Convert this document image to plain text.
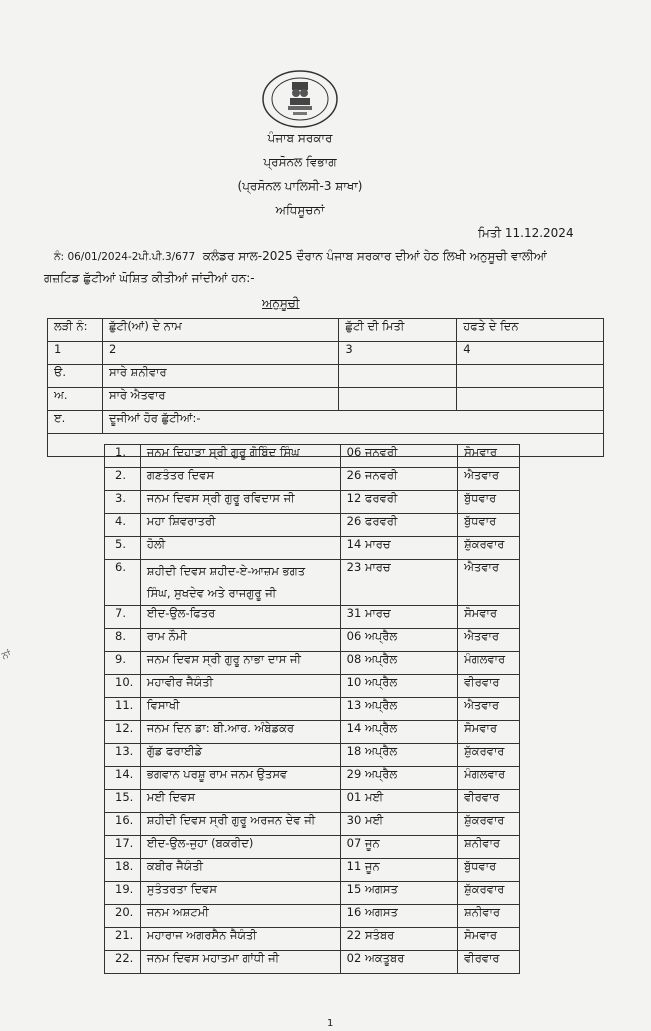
ਪੰਜਾਬ ਸਰਕਾਰ
ਪ੍ਰਸੋਨਲ ਵਿਭਾਗ
(ਪ੍ਰਸੋਨਲ ਪਾਲਿਸੀ-3 ਸ਼ਾਖਾ)
ਅਧਿਸੂਚਨਾਂ
ਮਿਤੀ 11.12.2024
ਨੰ: 06/01/2024-2ਪੀ.ਪੀ.3/677 ਕਲੰਡਰ ਸਾਲ-2025 ਦੌਰਾਨ ਪੰਜਾਬ ਸਰਕਾਰ ਦੀਆਂ ਹੇਠ ਲਿਖੀ ਅਨੁਸੂਚੀ ਵਾਲੀਆਂ
ਗਜ਼ਟਿਡ ਛੁੱਟੀਆਂ ਘੋਸ਼ਿਤ ਕੀਤੀਆਂ ਜਾਂਦੀਆਂ ਹਨ:-
ਅਨੁਸੂਚੀ
ਲੜੀ ਨੰ:	ਛੁੱਟੀ(ਆਂ) ਦੇ ਨਾਮ	ਛੁੱਟੀ ਦੀ ਮਿਤੀ	ਹਫਤੇ ਦੇ ਦਿਨ
1	2	3	4
ੳ.	ਸਾਰੇ ਸ਼ਨੀਵਾਰ		
ਅ.	ਸਾਰੇ ਐਤਵਾਰ		
ੲ.	ਦੂਜੀਆਂ ਹੋਰ ਛੁੱਟੀਆਂ:-		

1.	ਜਨਮ ਦਿਹਾੜਾ ਸ੍ਰੀ ਗੁਰੂ ਗੋਬਿੰਦ ਸਿੰਘ	06 ਜਨਵਰੀ	ਸੋਮਵਾਰ
2.	ਗਣਤੰਤਰ ਦਿਵਸ	26 ਜਨਵਰੀ	ਐਤਵਾਰ
3.	ਜਨਮ ਦਿਵਸ ਸ੍ਰੀ ਗੁਰੂ ਰਵਿਦਾਸ ਜੀ	12 ਫਰਵਰੀ	ਬੁੱਧਵਾਰ
4.	ਮਹਾ ਸ਼ਿਵਰਾਤਰੀ	26 ਫਰਵਰੀ	ਬੁੱਧਵਾਰ
5.	ਹੋਲੀ	14 ਮਾਰਚ	ਸ਼ੁੱਕਰਵਾਰ
6.	ਸ਼ਹੀਦੀ ਦਿਵਸ ਸ਼ਹੀਦ-ਏ-ਆਜ਼ਮ ਭਗਤ
ਸਿੰਘ, ਸੁਖਦੇਵ ਅਤੇ ਰਾਜਗੁਰੂ ਜੀ	23 ਮਾਰਚ	ਐਤਵਾਰ
7.	ਈਦ-ਉਲ-ਫਿਤਰ	31 ਮਾਰਚ	ਸੋਮਵਾਰ
8.	ਰਾਮ ਨੌਮੀ	06 ਅਪ੍ਰੈਲ	ਐਤਵਾਰ
9.	ਜਨਮ ਦਿਵਸ ਸ੍ਰੀ ਗੁਰੂ ਨਾਭਾ ਦਾਸ ਜੀ	08 ਅਪ੍ਰੈਲ	ਮੰਗਲਵਾਰ
10.	ਮਹਾਵੀਰ ਜੈਯੰਤੀ	10 ਅਪ੍ਰੈਲ	ਵੀਰਵਾਰ
11.	ਵਿਸਾਖੀ	13 ਅਪ੍ਰੈਲ	ਐਤਵਾਰ
12.	ਜਨਮ ਦਿਨ ਡਾ: ਬੀ.ਆਰ. ਅੰਬੇਡਕਰ	14 ਅਪ੍ਰੈਲ	ਸੋਮਵਾਰ
13.	ਗੁੱਡ ਫਰਾਈਡੇ	18 ਅਪ੍ਰੈਲ	ਸ਼ੁੱਕਰਵਾਰ
14.	ਭਗਵਾਨ ਪਰਸ਼ੂ ਰਾਮ ਜਨਮ ਉਤਸਵ	29 ਅਪ੍ਰੈਲ	ਮੰਗਲਵਾਰ
15.	ਮਈ ਦਿਵਸ	01 ਮਈ	ਵੀਰਵਾਰ
16.	ਸ਼ਹੀਦੀ ਦਿਵਸ ਸ੍ਰੀ ਗੁਰੂ ਅਰਜਨ ਦੇਵ ਜੀ	30 ਮਈ	ਸ਼ੁੱਕਰਵਾਰ
17.	ਈਦ-ਉਲ-ਜੁਹਾ (ਬਕਰੀਦ)	07 ਜੂਨ	ਸ਼ਨੀਵਾਰ
18.	ਕਬੀਰ ਜੈਯੰਤੀ	11 ਜੂਨ	ਬੁੱਧਵਾਰ
19.	ਸੁਤੰਤਰਤਾ ਦਿਵਸ	15 ਅਗਸਤ	ਸ਼ੁੱਕਰਵਾਰ
20.	ਜਨਮ ਅਸ਼ਟਮੀ	16 ਅਗਸਤ	ਸ਼ਨੀਵਾਰ
21.	ਮਹਾਰਾਜ ਅਗਰਸੈਨ ਜੈਯੰਤੀ	22 ਸਤੰਬਰ	ਸੋਮਵਾਰ
22.	ਜਨਮ ਦਿਵਸ ਮਹਾਤਮਾ ਗਾਂਧੀ ਜੀ	02 ਅਕਤੂਬਰ	ਵੀਰਵਾਰ
ਨਾਂ
1
